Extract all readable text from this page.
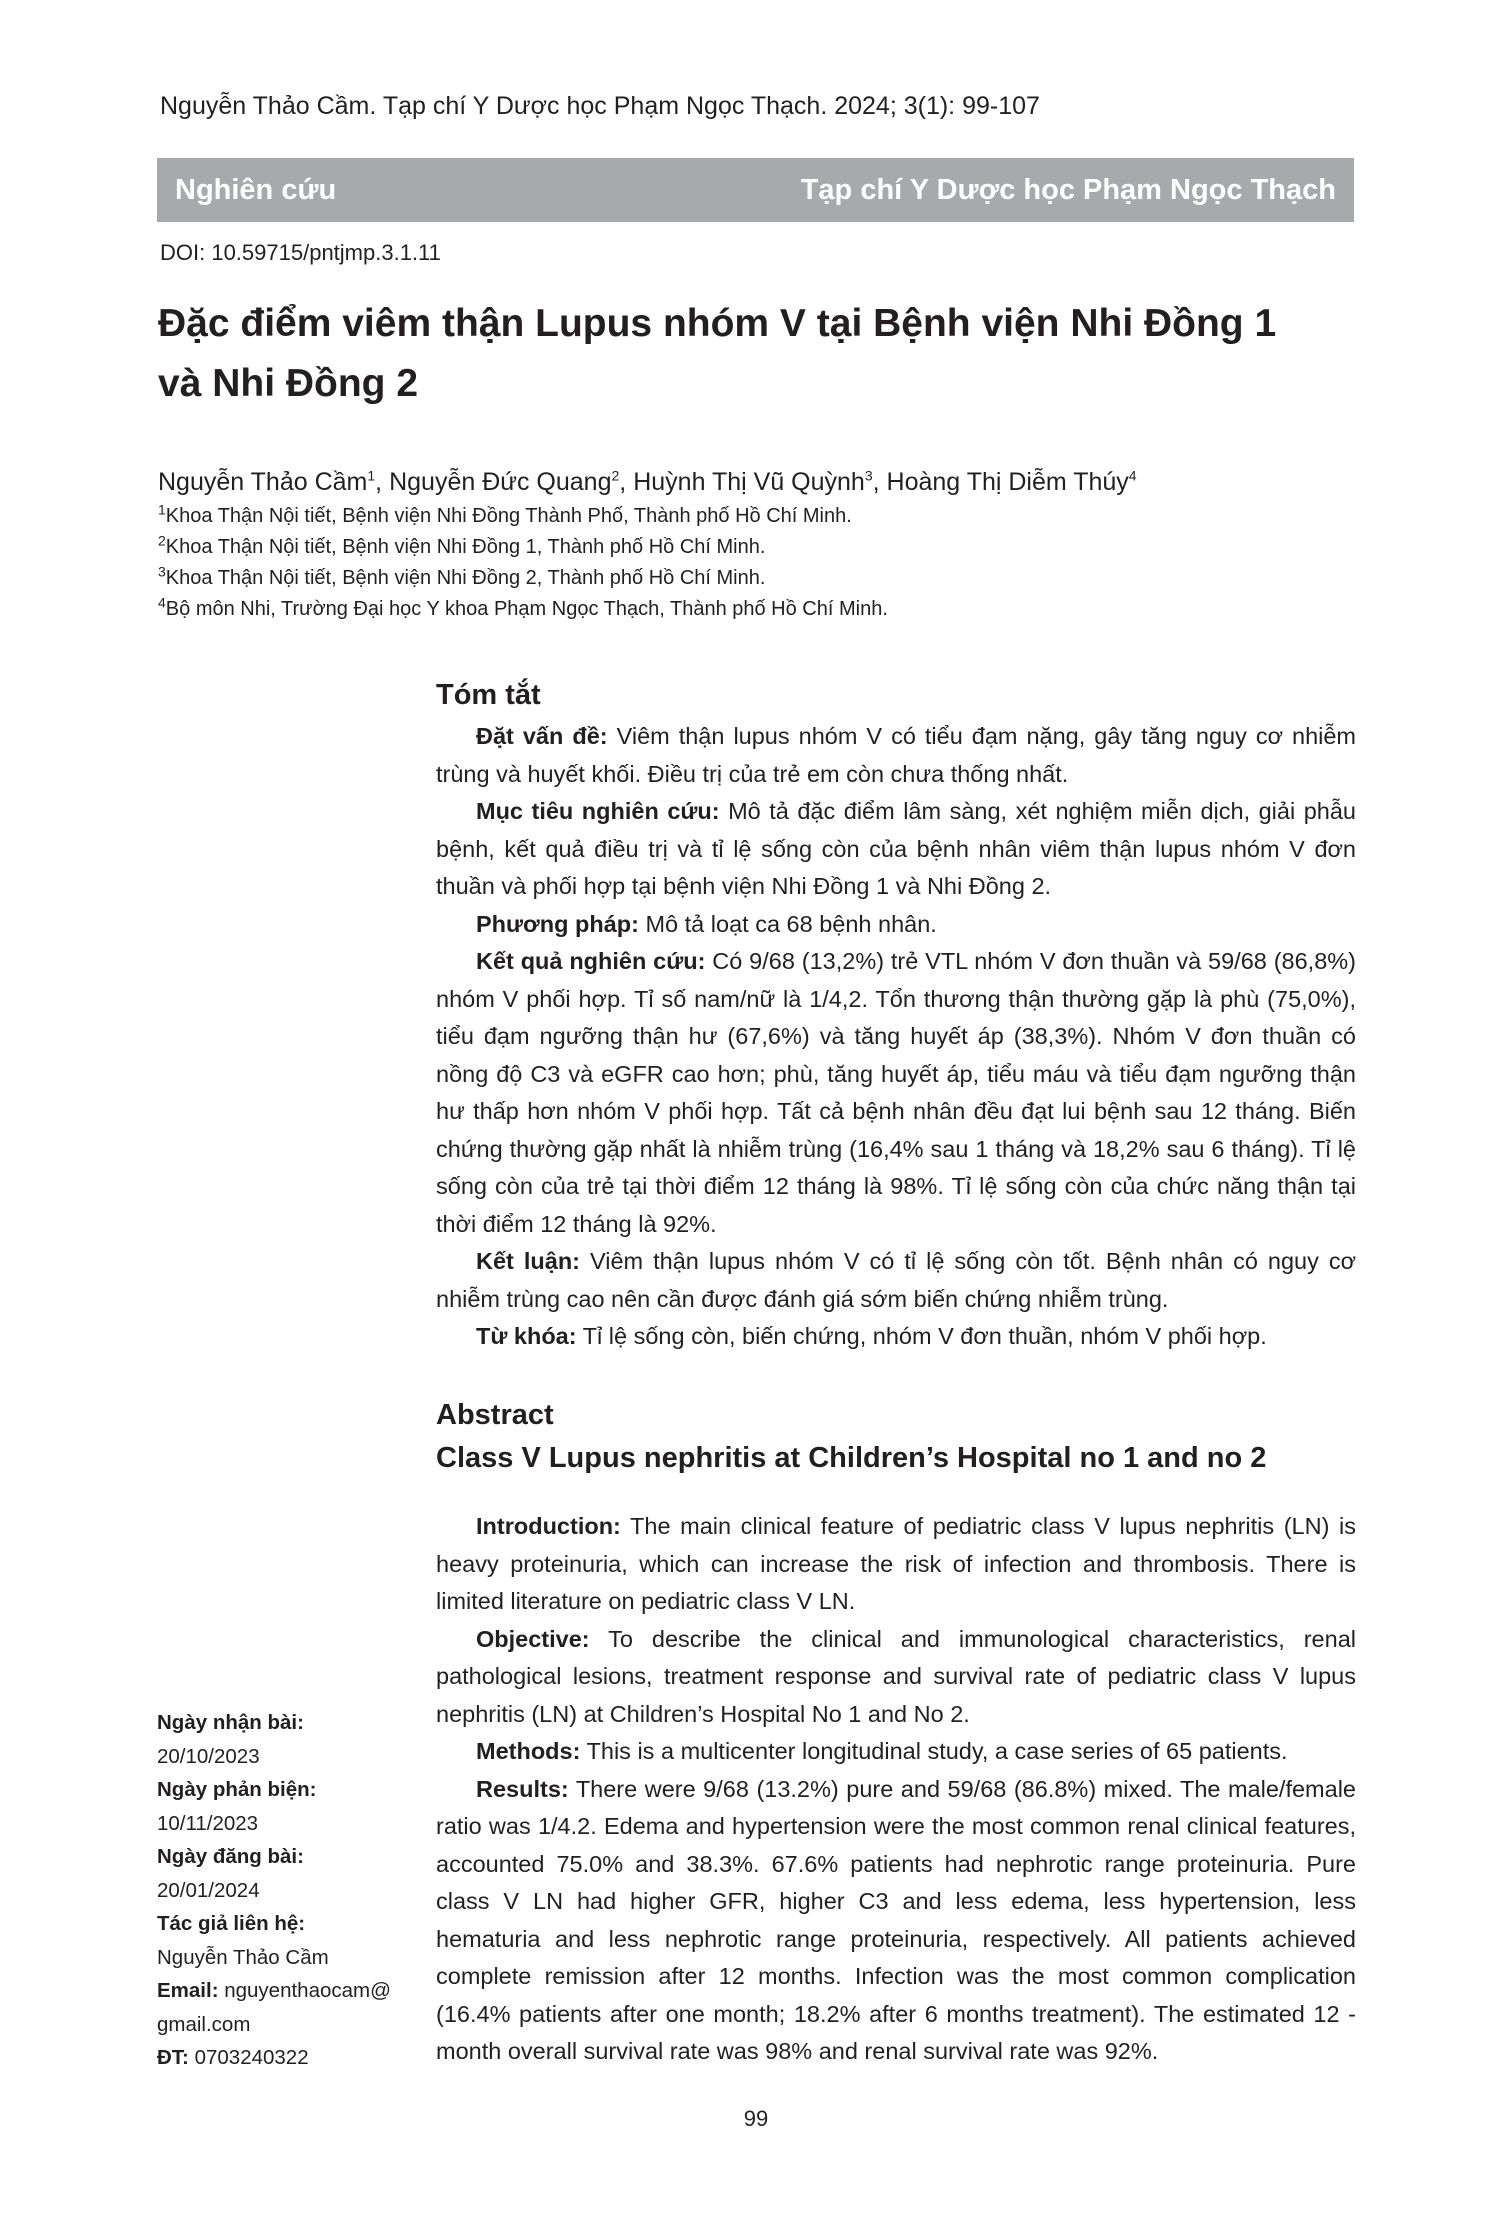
Nguyễn Thảo Cầm. Tạp chí Y Dược học Phạm Ngọc Thạch. 2024; 3(1): 99-107
Nghiên cứu	Tạp chí Y Dược học Phạm Ngọc Thạch
DOI: 10.59715/pntjmp.3.1.11
Đặc điểm viêm thận Lupus nhóm V tại Bệnh viện Nhi Đồng 1
và Nhi Đồng 2
Nguyễn Thảo Cầm$^1$, Nguyễn Đức Quang$^2$, Huỳnh Thị Vũ Quỳnh$^3$, Hoàng Thị Diễm Thúy$^4$
$^1$Khoa Thận Nội tiết, Bệnh viện Nhi Đồng Thành Phố, Thành phố Hồ Chí Minh.
$^2$Khoa Thận Nội tiết, Bệnh viện Nhi Đồng 1, Thành phố Hồ Chí Minh.
$^3$Khoa Thận Nội tiết, Bệnh viện Nhi Đồng 2, Thành phố Hồ Chí Minh.
$^4$Bộ môn Nhi, Trường Đại học Y khoa Phạm Ngọc Thạch, Thành phố Hồ Chí Minh.
Tóm tắt

Đặt vấn đề: Viêm thận lupus nhóm V có tiểu đạm nặng, gây tăng nguy cơ nhiễm trùng và huyết khối. Điều trị của trẻ em còn chưa thống nhất.

Mục tiêu nghiên cứu: Mô tả đặc điểm lâm sàng, xét nghiệm miễn dịch, giải phẫu bệnh, kết quả điều trị và tỉ lệ sống còn của bệnh nhân viêm thận lupus nhóm V đơn thuần và phối hợp tại bệnh viện Nhi Đồng 1 và Nhi Đồng 2.

Phương pháp: Mô tả loạt ca 68 bệnh nhân.

Kết quả nghiên cứu: Có 9/68 (13,2%) trẻ VTL nhóm V đơn thuần và 59/68 (86,8%) nhóm V phối hợp. Tỉ số nam/nữ là 1/4,2. Tổn thương thận thường gặp là phù (75,0%), tiểu đạm ngưỡng thận hư (67,6%) và tăng huyết áp (38,3%). Nhóm V đơn thuần có nồng độ C3 và eGFR cao hơn; phù, tăng huyết áp, tiểu máu và tiểu đạm ngưỡng thận hư thấp hơn nhóm V phối hợp. Tất cả bệnh nhân đều đạt lui bệnh sau 12 tháng. Biến chứng thường gặp nhất là nhiễm trùng (16,4% sau 1 tháng và 18,2% sau 6 tháng). Tỉ lệ sống còn của trẻ tại thời điểm 12 tháng là 98%. Tỉ lệ sống còn của chức năng thận tại thời điểm 12 tháng là 92%.

Kết luận: Viêm thận lupus nhóm V có tỉ lệ sống còn tốt. Bệnh nhân có nguy cơ nhiễm trùng cao nên cần được đánh giá sớm biến chứng nhiễm trùng.

Từ khóa: Tỉ lệ sống còn, biến chứng, nhóm V đơn thuần, nhóm V phối hợp.

Abstract
Class V Lupus nephritis at Children’s Hospital no 1 and no 2

Introduction: The main clinical feature of pediatric class V lupus nephritis (LN) is heavy proteinuria, which can increase the risk of infection and thrombosis. There is limited literature on pediatric class V LN.

Objective: To describe the clinical and immunological characteristics, renal pathological lesions, treatment response and survival rate of pediatric class V lupus nephritis (LN) at Children’s Hospital No 1 and No 2.

Methods: This is a multicenter longitudinal study, a case series of 65 patients.

Results: There were 9/68 (13.2%) pure and 59/68 (86.8%) mixed. The male/female ratio was 1/4.2. Edema and hypertension were the most common renal clinical features, accounted 75.0% and 38.3%. 67.6% patients had nephrotic range proteinuria. Pure class V LN had higher GFR, higher C3 and less edema, less hypertension, less hematuria and less nephrotic range proteinuria, respectively. All patients achieved complete remission after 12 months. Infection was the most common complication (16.4% patients after one month; 18.2% after 6 months treatment). The estimated 12 - month overall survival rate was 98% and renal survival rate was 92%.

Ngày nhận bài:
20/10/2023
Ngày phản biện:
10/11/2023
Ngày đăng bài:
20/01/2024
Tác giả liên hệ:
Nguyễn Thảo Cầm
Email: nguyenthaocam@
gmail.com
ĐT: 0703240322
99
